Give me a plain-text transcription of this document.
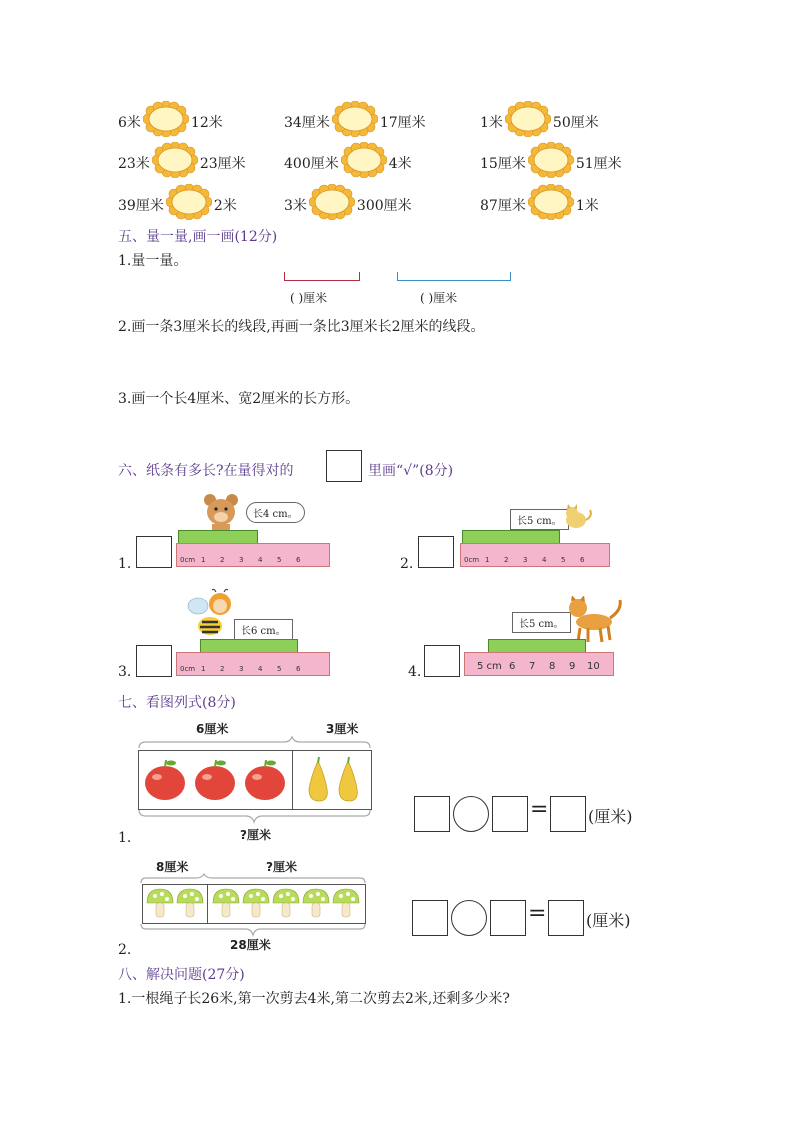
6米	12米	34厘米	17厘米	1米	50厘米
23米	23厘米	400厘米	4米	15厘米	51厘米
39厘米	2米	3米	300厘米	87厘米	1米
五、量一量,画一画(12分)
1.量一量。
( )厘米	( )厘米
2.画一条3厘米长的线段,再画一条比3厘米长2厘米的线段。
3.画一个长4厘米、宽2厘米的长方形。
六、纸条有多长?在量得对的	里画“√”(8分)
1.
长4 cm。
0cm 1 2 3 4 5 6	2.
长5 cm。
0cm 1 2 3 4 5 6
3.
长6 cm。
0cm 1 2 3 4 5 6	4.
长5 cm。
5 cm 6 7 8 9 10
七、看图列式(8分)
6厘米	3厘米
1.	?厘米
= (厘米)
8厘米	?厘米
2.	28厘米
= (厘米)
八、解决问题(27分)
1.一根绳子长26米,第一次剪去4米,第二次剪去2米,还剩多少米?
